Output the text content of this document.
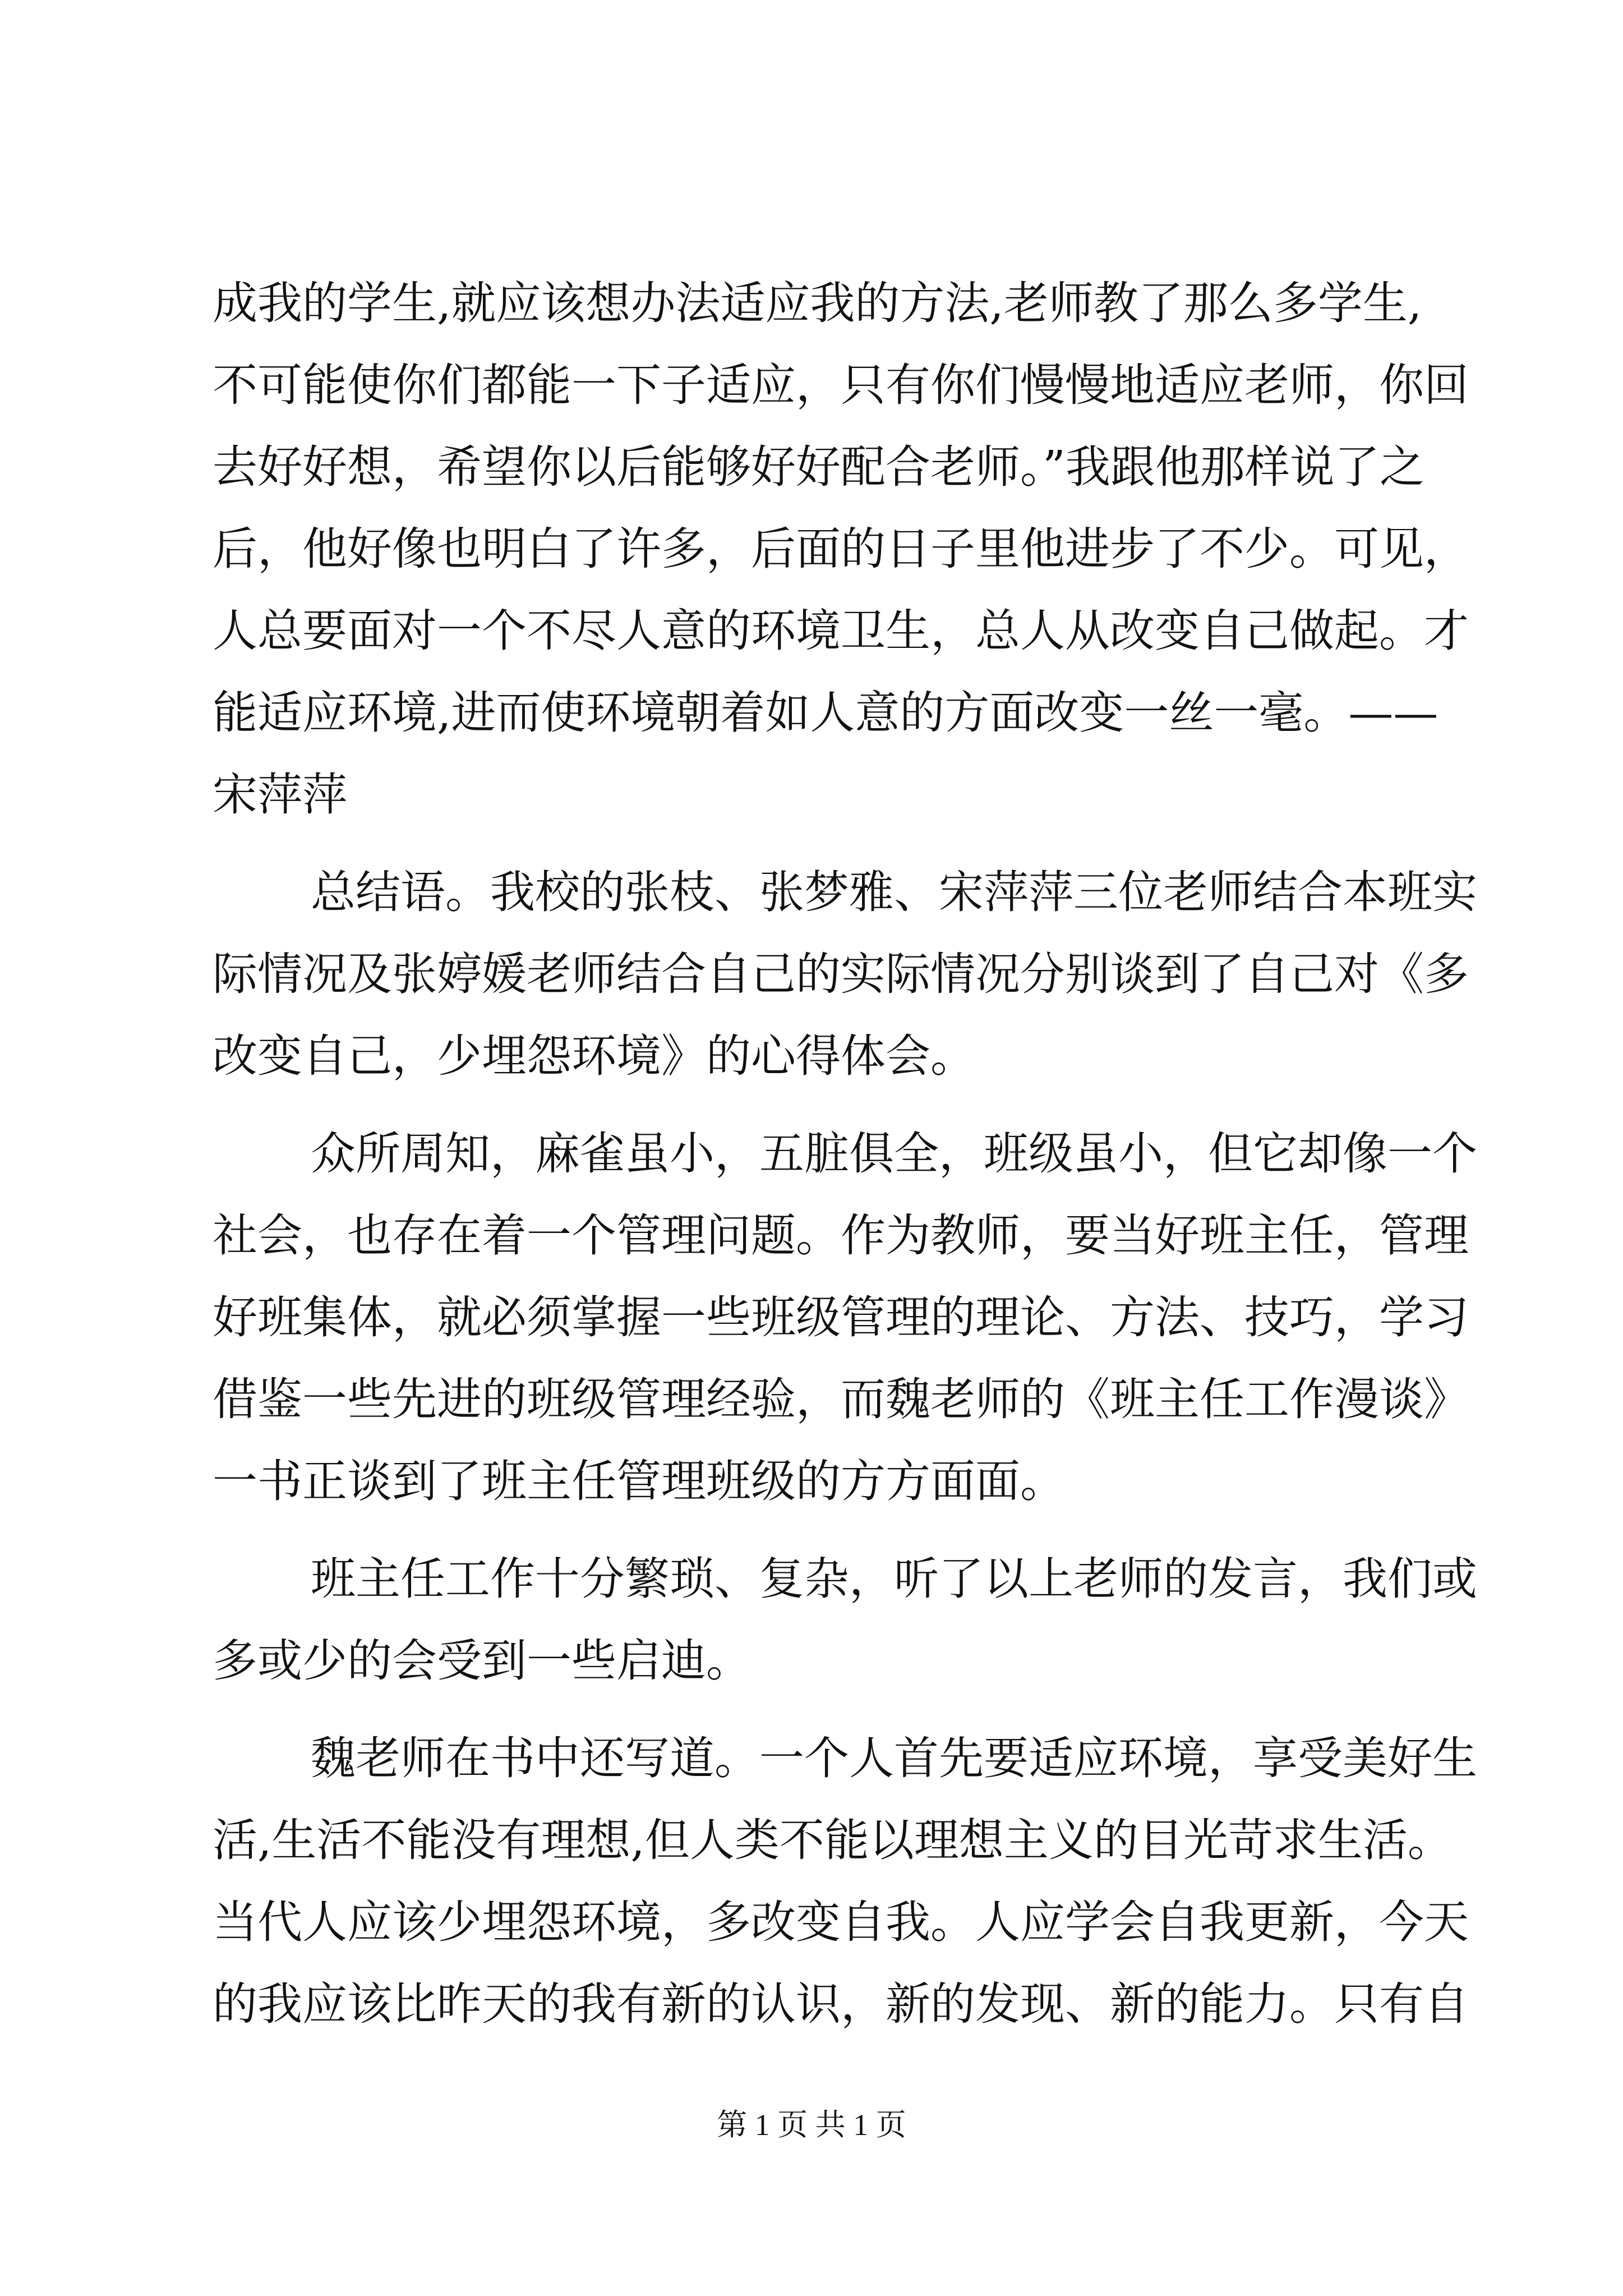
成我的学生,就应该想办法适应我的方法,老师教了那么多学生,
不可能使你们都能一下子适应，只有你们慢慢地适应老师，你回
去好好想，希望你以后能够好好配合老师。”我跟他那样说了之
后，他好像也明白了许多，后面的日子里他进步了不少。可见，
人总要面对一个不尽人意的环境卫生，总人从改变自己做起。才
能适应环境,进而使环境朝着如人意的方面改变一丝一毫。——
宋萍萍
总结语。我校的张枝、张梦雅、宋萍萍三位老师结合本班实
际情况及张婷媛老师结合自己的实际情况分别谈到了自己对《多
改变自己，少埋怨环境》的心得体会。
众所周知，麻雀虽小，五脏俱全，班级虽小，但它却像一个
社会，也存在着一个管理问题。作为教师，要当好班主任，管理
好班集体，就必须掌握一些班级管理的理论、方法、技巧，学习
借鉴一些先进的班级管理经验，而魏老师的《班主任工作漫谈》
一书正谈到了班主任管理班级的方方面面。
班主任工作十分繁琐、复杂，听了以上老师的发言，我们或
多或少的会受到一些启迪。
魏老师在书中还写道。一个人首先要适应环境，享受美好生
活,生活不能没有理想,但人类不能以理想主义的目光苛求生活。
当代人应该少埋怨环境，多改变自我。人应学会自我更新，今天
的我应该比昨天的我有新的认识，新的发现、新的能力。只有自
第 1 页 共 1 页
